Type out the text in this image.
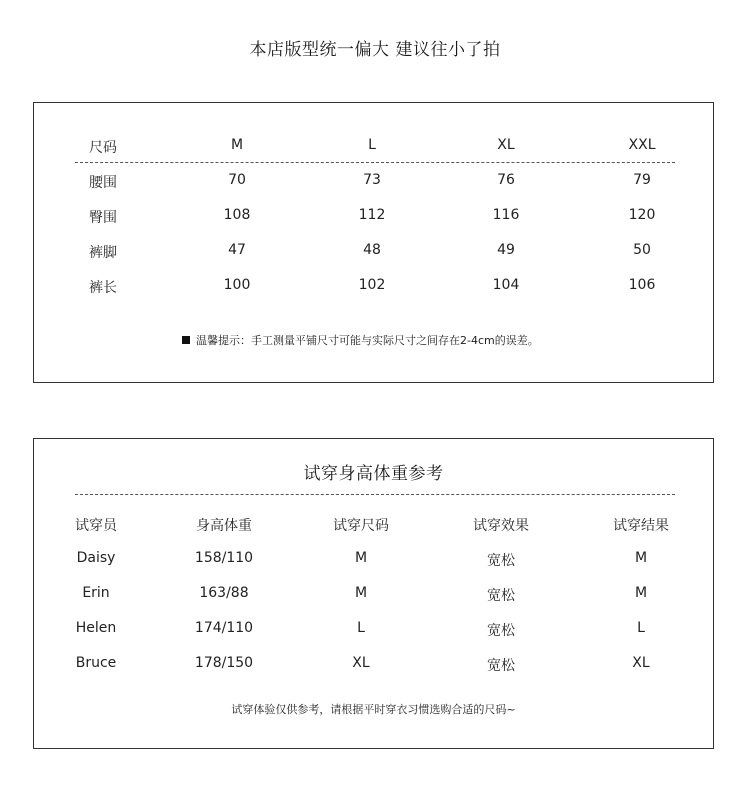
本店版型统一偏大 建议往小了拍
尺码	M	L	XL	XXL
腰围	70	73	76	79
臀围	108	112	116	120
裤脚	47	48	49	50
裤长	100	102	104	106
温馨提示：手工测量平铺尺寸可能与实际尺寸之间存在2-4cm的误差。
试穿身高体重参考
试穿员	身高体重	试穿尺码	试穿效果	试穿结果
Daisy	158/110	M	宽松	M
Erin	163/88	M	宽松	M
Helen	174/110	L	宽松	L
Bruce	178/150	XL	宽松	XL
试穿体验仅供参考，请根据平时穿衣习惯选购合适的尺码~
